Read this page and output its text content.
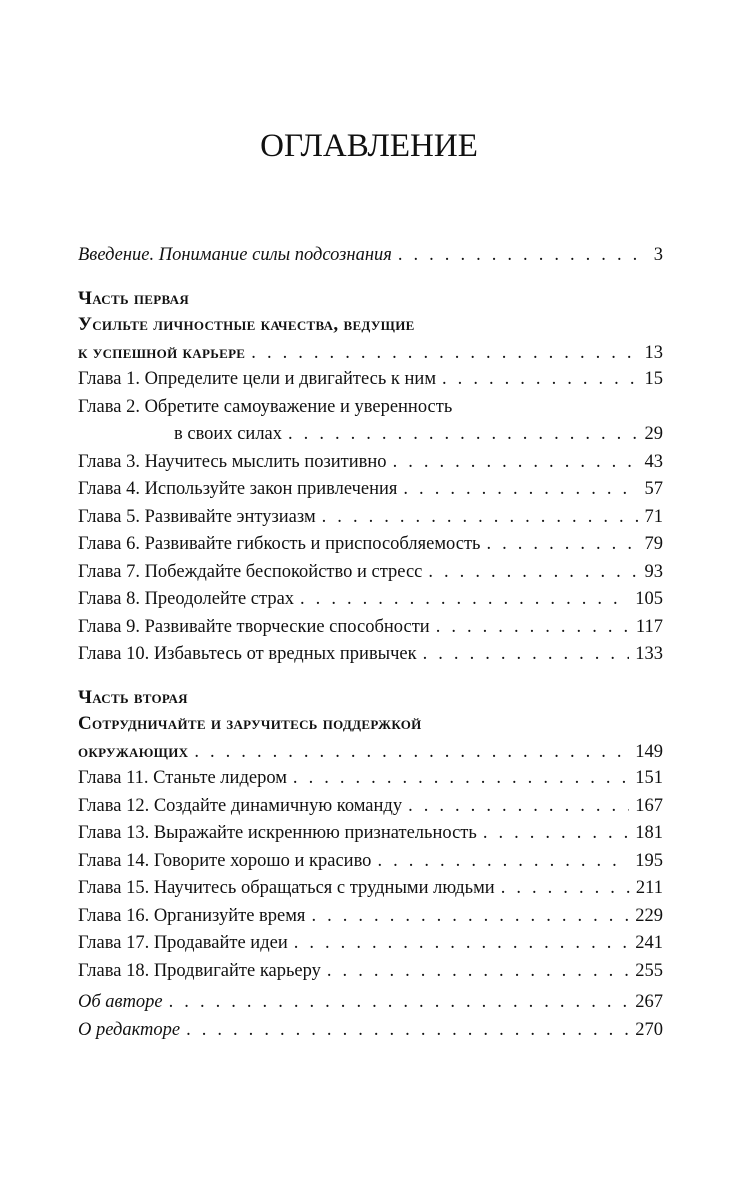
ОГЛАВЛЕНИЕ
Введение. Понимание силы подсознания . . .	3
Часть первая
Усильте личностные качества, ведущие
к успешной карьере . . .	13
Глава 1. Определите цели и двигайтесь к ним . . .	15
Глава 2. Обретите самоуважение и уверенность
в своих силах . . .	29
Глава 3. Научитесь мыслить позитивно . . .	43
Глава 4. Используйте закон привлечения . . .	57
Глава 5. Развивайте энтузиазм . . .	71
Глава 6. Развивайте гибкость и приспособляемость . . .	79
Глава 7. Побеждайте беспокойство и стресс . . .	93
Глава 8. Преодолейте страх . . .	105
Глава 9. Развивайте творческие способности . . .	117
Глава 10. Избавьтесь от вредных привычек . . .	133
Часть вторая
Сотрудничайте и заручитесь поддержкой
окружающих . . .	149
Глава 11. Станьте лидером . . .	151
Глава 12. Создайте динамичную команду . . .	167
Глава 13. Выражайте искреннюю признательность . . .	181
Глава 14. Говорите хорошо и красиво . . .	195
Глава 15. Научитесь обращаться с трудными людьми . . .	211
Глава 16. Организуйте время . . .	229
Глава 17. Продавайте идеи . . .	241
Глава 18. Продвигайте карьеру . . .	255
Об авторе . . .	267
О редакторе . . .	270
